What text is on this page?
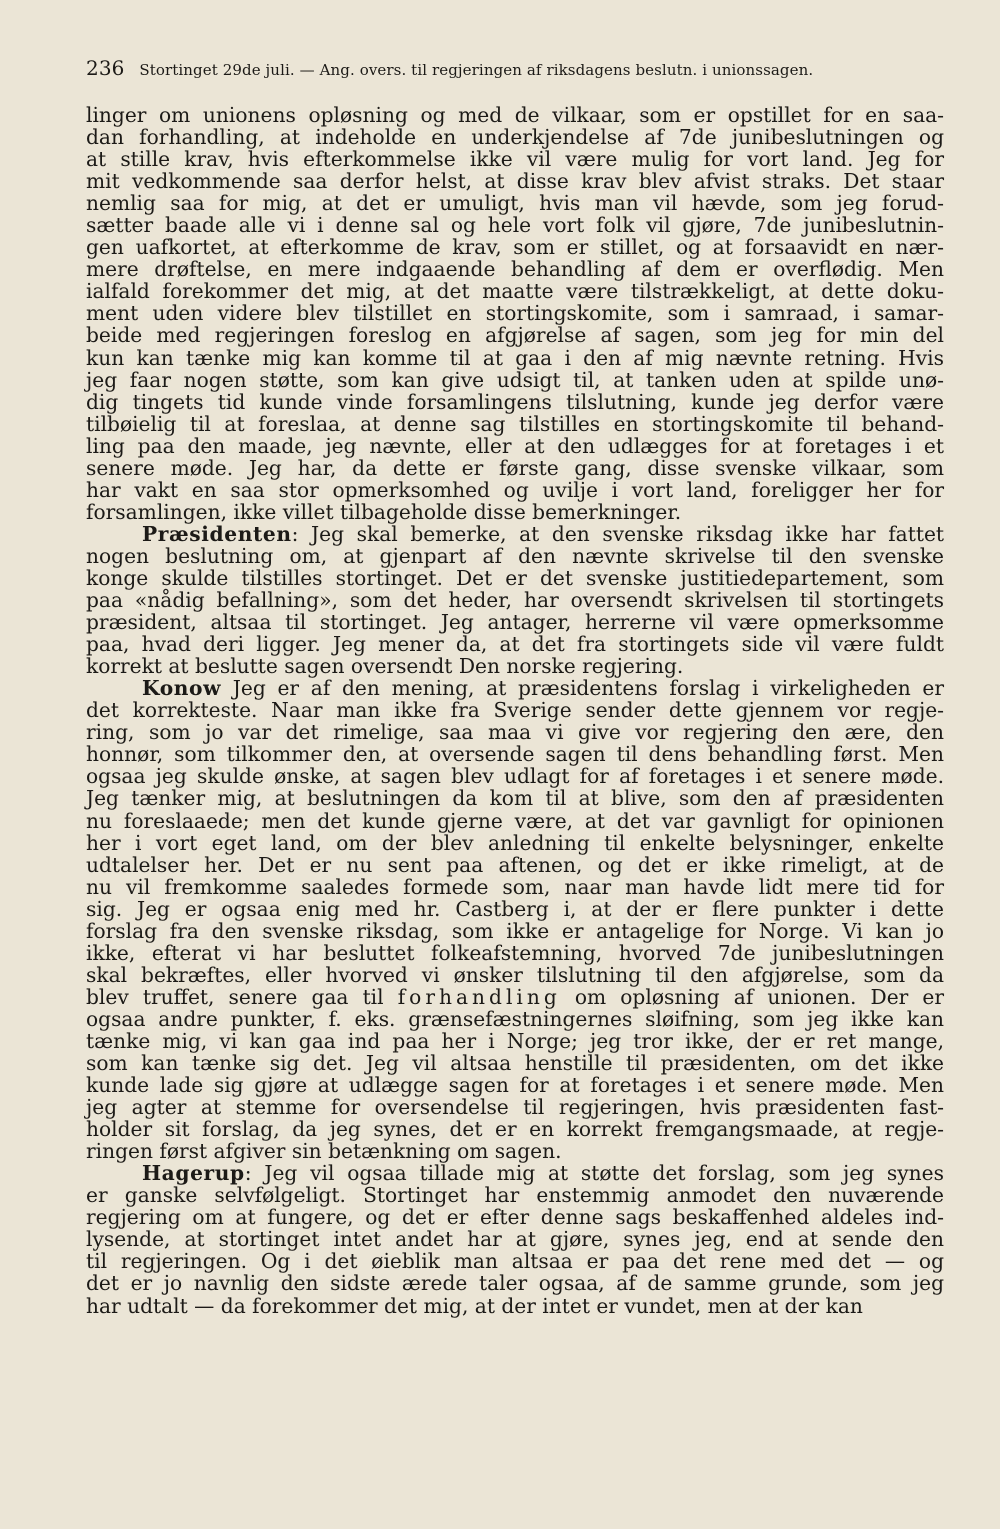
236 Stortinget 29de juli. — Ang. overs. til regjeringen af riksdagens beslutn. i unionssagen.
linger om unionens opløsning og med de vilkaar, som er opstillet for en saa-
dan forhandling, at indeholde en underkjendelse af 7de junibeslutningen og
at stille krav, hvis efterkommelse ikke vil være mulig for vort land. Jeg for
mit vedkommende saa derfor helst, at disse krav blev afvist straks. Det staar
nemlig saa for mig, at det er umuligt, hvis man vil hævde, som jeg forud-
sætter baade alle vi i denne sal og hele vort folk vil gjøre, 7de junibeslutnin-
gen uafkortet, at efterkomme de krav, som er stillet, og at forsaavidt en nær-
mere drøftelse, en mere indgaaende behandling af dem er overflødig. Men
ialfald forekommer det mig, at det maatte være tilstrækkeligt, at dette doku-
ment uden videre blev tilstillet en stortingskomite, som i samraad, i samar-
beide med regjeringen foreslog en afgjørelse af sagen, som jeg for min del
kun kan tænke mig kan komme til at gaa i den af mig nævnte retning. Hvis
jeg faar nogen støtte, som kan give udsigt til, at tanken uden at spilde unø-
dig tingets tid kunde vinde forsamlingens tilslutning, kunde jeg derfor være
tilbøielig til at foreslaa, at denne sag tilstilles en stortingskomite til behand-
ling paa den maade, jeg nævnte, eller at den udlægges for at foretages i et
senere møde. Jeg har, da dette er første gang, disse svenske vilkaar, som
har vakt en saa stor opmerksomhed og uvilje i vort land, foreligger her for
forsamlingen, ikke villet tilbageholde disse bemerkninger.
Præsidenten: Jeg skal bemerke, at den svenske riksdag ikke har fattet
nogen beslutning om, at gjenpart af den nævnte skrivelse til den svenske
konge skulde tilstilles stortinget. Det er det svenske justitiedepartement, som
paa «nådig befallning», som det heder, har oversendt skrivelsen til stortingets
præsident, altsaa til stortinget. Jeg antager, herrerne vil være opmerksomme
paa, hvad deri ligger. Jeg mener da, at det fra stortingets side vil være fuldt
korrekt at beslutte sagen oversendt Den norske regjering.
Konow Jeg er af den mening, at præsidentens forslag i virkeligheden er
det korrekteste. Naar man ikke fra Sverige sender dette gjennem vor regje-
ring, som jo var det rimelige, saa maa vi give vor regjering den ære, den
honnør, som tilkommer den, at oversende sagen til dens behandling først. Men
ogsaa jeg skulde ønske, at sagen blev udlagt for af foretages i et senere møde.
Jeg tænker mig, at beslutningen da kom til at blive, som den af præsidenten
nu foreslaaede; men det kunde gjerne være, at det var gavnligt for opinionen
her i vort eget land, om der blev anledning til enkelte belysninger, enkelte
udtalelser her. Det er nu sent paa aftenen, og det er ikke rimeligt, at de
nu vil fremkomme saaledes formede som, naar man havde lidt mere tid for
sig. Jeg er ogsaa enig med hr. Castberg i, at der er flere punkter i dette
forslag fra den svenske riksdag, som ikke er antagelige for Norge. Vi kan jo
ikke, efterat vi har besluttet folkeafstemning, hvorved 7de junibeslutningen
skal bekræftes, eller hvorved vi ønsker tilslutning til den afgjørelse, som da
blev truffet, senere gaa til forhandling om opløsning af unionen. Der er
ogsaa andre punkter, f. eks. grænsefæstningernes sløifning, som jeg ikke kan
tænke mig, vi kan gaa ind paa her i Norge; jeg tror ikke, der er ret mange,
som kan tænke sig det. Jeg vil altsaa henstille til præsidenten, om det ikke
kunde lade sig gjøre at udlægge sagen for at foretages i et senere møde. Men
jeg agter at stemme for oversendelse til regjeringen, hvis præsidenten fast-
holder sit forslag, da jeg synes, det er en korrekt fremgangsmaade, at regje-
ringen først afgiver sin betænkning om sagen.
Hagerup: Jeg vil ogsaa tillade mig at støtte det forslag, som jeg synes
er ganske selvfølgeligt. Stortinget har enstemmig anmodet den nuværende
regjering om at fungere, og det er efter denne sags beskaffenhed aldeles ind-
lysende, at stortinget intet andet har at gjøre, synes jeg, end at sende den
til regjeringen. Og i det øieblik man altsaa er paa det rene med det — og
det er jo navnlig den sidste ærede taler ogsaa, af de samme grunde, som jeg
har udtalt — da forekommer det mig, at der intet er vundet, men at der kan
